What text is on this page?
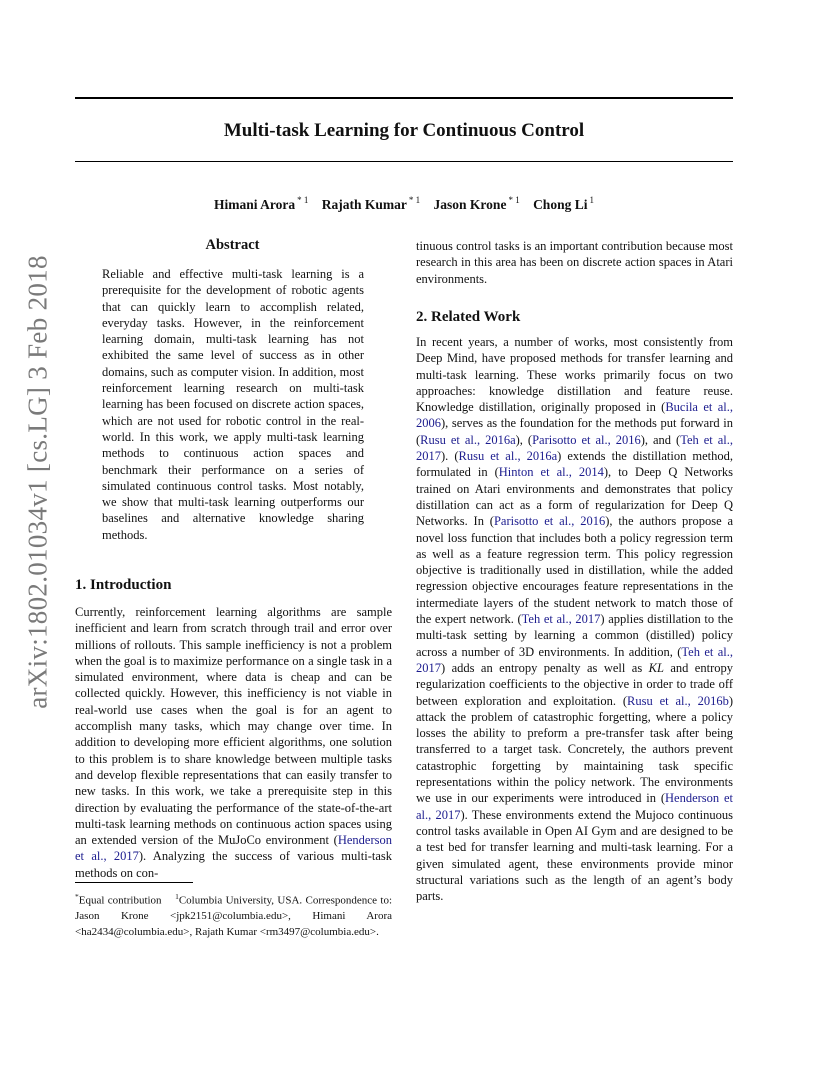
Multi-task Learning for Continuous Control
Himani Arora $^{* 1}$ Rajath Kumar $^{* 1}$ Jason Krone $^{* 1}$ Chong Li $^1$
arXiv:1802.01034v1 [cs.LG] 3 Feb 2018
Abstract
Reliable and effective multi-task learning is a prerequisite for the development of robotic agents that can quickly learn to accomplish related, everyday tasks. However, in the reinforcement learning domain, multi-task learning has not exhibited the same level of success as in other domains, such as computer vision. In addition, most reinforcement learning research on multi-task learning has been focused on discrete action spaces, which are not used for robotic control in the real-world. In this work, we apply multi-task learning methods to continuous action spaces and benchmark their performance on a series of simulated continuous control tasks. Most notably, we show that multi-task learning outperforms our baselines and alternative knowledge sharing methods.
1. Introduction
Currently, reinforcement learning algorithms are sample inefficient and learn from scratch through trail and error over millions of rollouts. This sample inefficiency is not a problem when the goal is to maximize performance on a single task in a simulated environment, where data is cheap and can be collected quickly. However, this inefficiency is not viable in real-world use cases when the goal is for an agent to accomplish many tasks, which may change over time. In addition to developing more efficient algorithms, one solution to this problem is to share knowledge between multiple tasks and develop flexible representations that can easily transfer to new tasks. In this work, we take a prerequisite step in this direction by evaluating the performance of the state-of-the-art multi-task learning methods on continuous action spaces using an extended version of the MuJoCo environment (Henderson et al., 2017). Analyzing the success of various multi-task methods on con-
*Equal contribution $^1$Columbia University, USA. Correspondence to: Jason Krone <jpk2151@columbia.edu>, Himani Arora <ha2434@columbia.edu>, Rajath Kumar <rm3497@columbia.edu>.
tinuous control tasks is an important contribution because most research in this area has been on discrete action spaces in Atari environments.
2. Related Work
In recent years, a number of works, most consistently from Deep Mind, have proposed methods for transfer learning and multi-task learning. These works primarily focus on two approaches: knowledge distillation and feature reuse. Knowledge distillation, originally proposed in (Bucila et al., 2006), serves as the foundation for the methods put forward in (Rusu et al., 2016a), (Parisotto et al., 2016), and (Teh et al., 2017). (Rusu et al., 2016a) extends the distillation method, formulated in (Hinton et al., 2014), to Deep Q Networks trained on Atari environments and demonstrates that policy distillation can act as a form of regularization for Deep Q Networks. In (Parisotto et al., 2016), the authors propose a novel loss function that includes both a policy regression term as well as a feature regression term. This policy regression objective is traditionally used in distillation, while the added regression objective encourages feature representations in the intermediate layers of the student network to match those of the expert network. (Teh et al., 2017) applies distillation to the multi-task setting by learning a common (distilled) policy across a number of 3D environments. In addition, (Teh et al., 2017) adds an entropy penalty as well as KL and entropy regularization coefficients to the objective in order to trade off between exploration and exploitation. (Rusu et al., 2016b) attack the problem of catastrophic forgetting, where a policy losses the ability to preform a pre-transfer task after being transferred to a target task. Concretely, the authors prevent catastrophic forgetting by maintaining task specific representations within the policy network. The environments we use in our experiments were introduced in (Henderson et al., 2017). These environments extend the Mujoco continuous control tasks available in Open AI Gym and are designed to be a test bed for transfer learning and multi-task learning. For a given simulated agent, these environments provide minor structural variations such as the length of an agent’s body parts.
